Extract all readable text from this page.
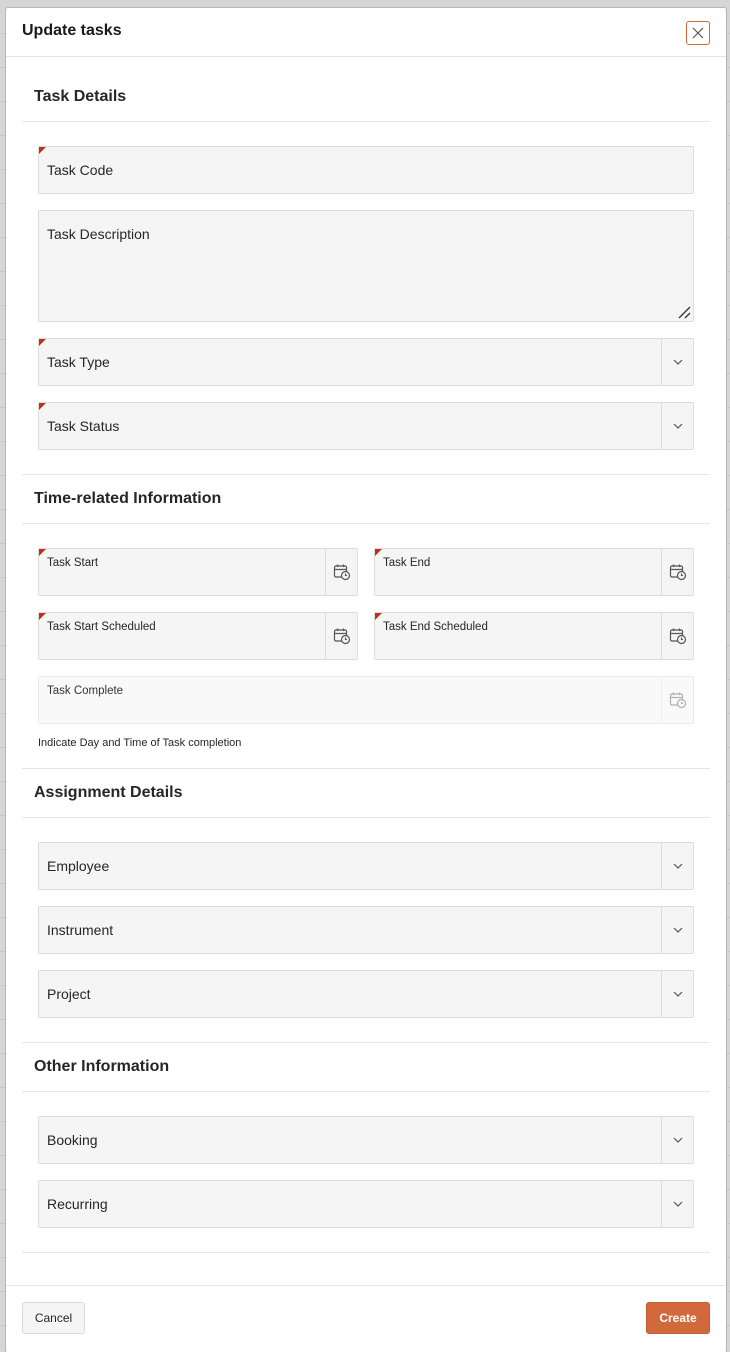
Update tasks
Task Details
Task Code
Task Description
Task Type
Task Status
Time-related Information
Task Start	Task End
Task Start Scheduled	Task End Scheduled
Task Complete
Indicate Day and Time of Task completion
Assignment Details
Employee
Instrument
Project
Other Information
Booking
Recurring
Cancel	Create
